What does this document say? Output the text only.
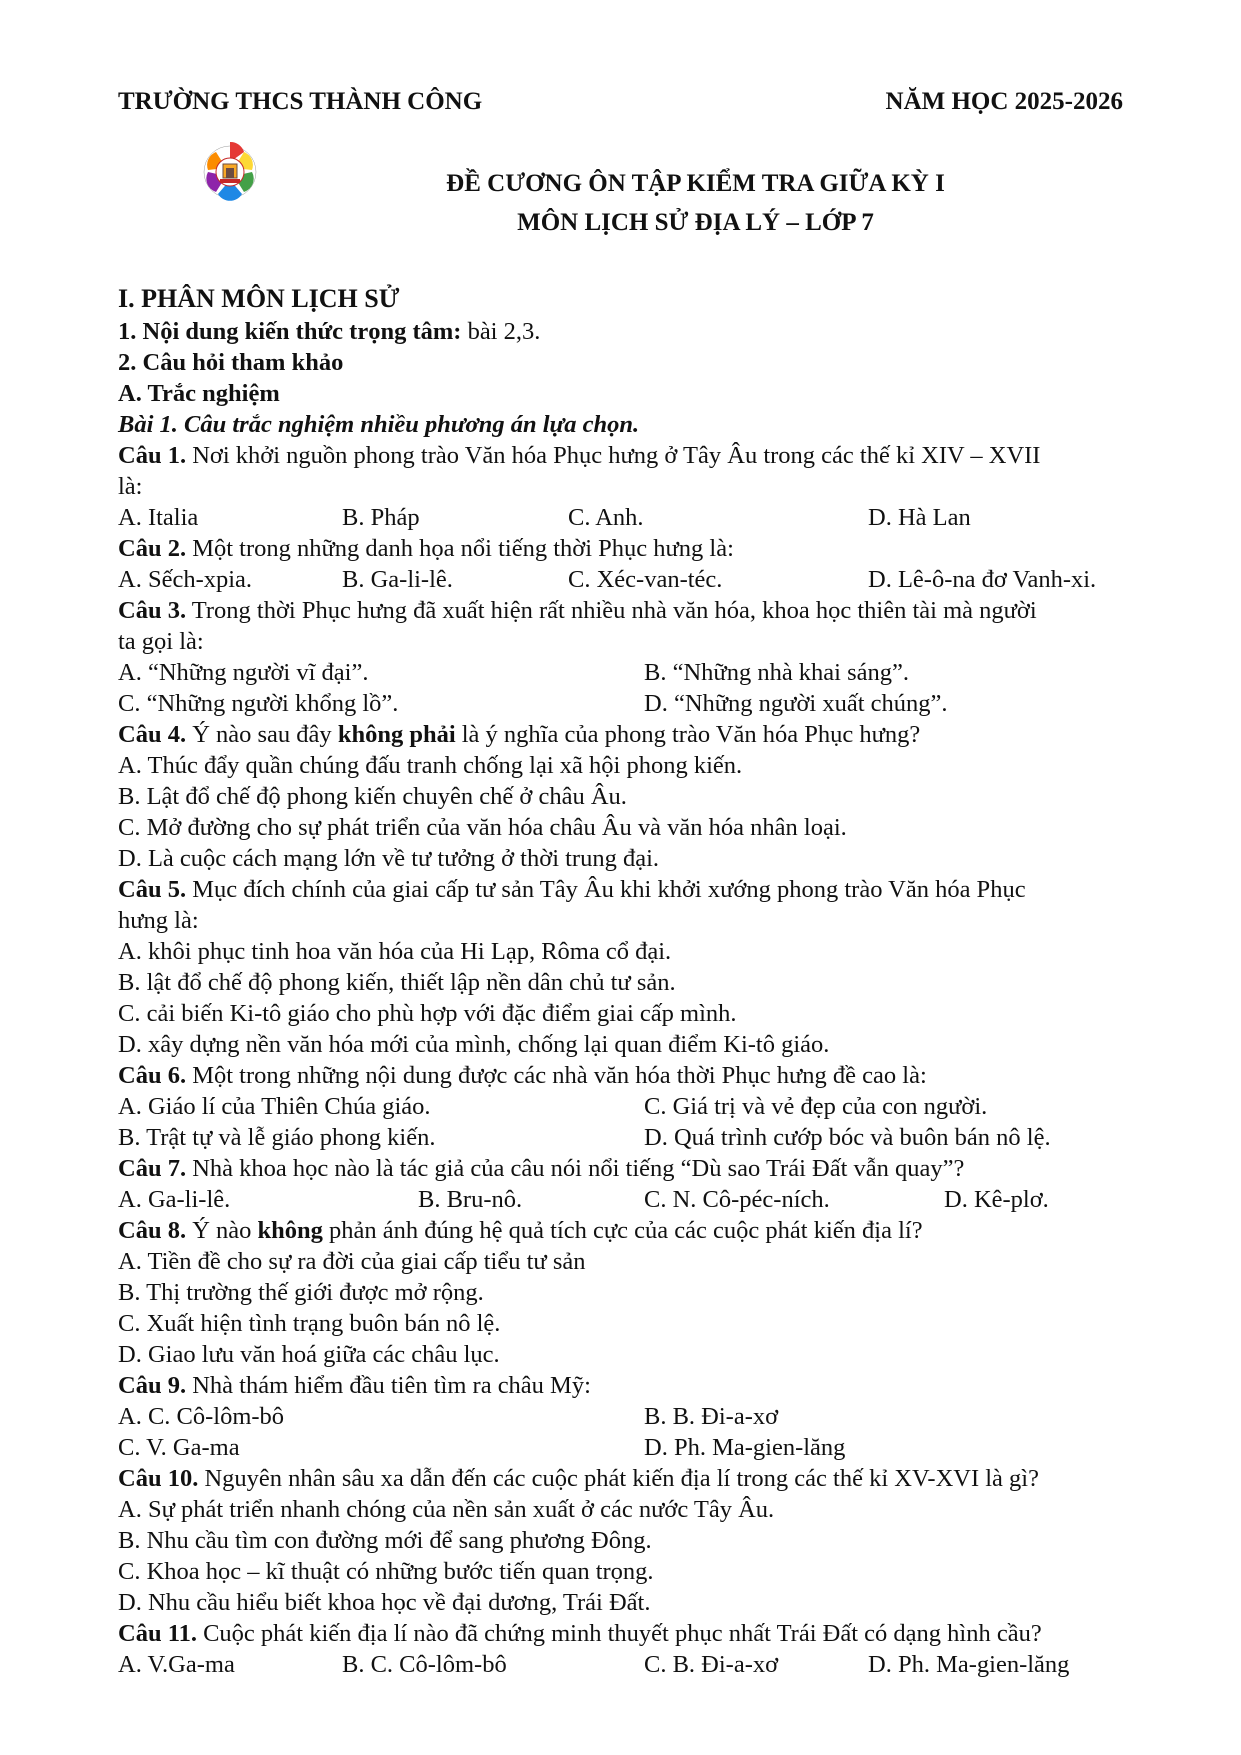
TRƯỜNG THCS THÀNH CÔNG	NĂM HỌC 2025-2026
ĐỀ CƯƠNG ÔN TẬP KIỂM TRA GIỮA KỲ I
MÔN LỊCH SỬ ĐỊA LÝ – LỚP 7
I. PHÂN MÔN LỊCH SỬ
1. Nội dung kiến thức trọng tâm: bài 2,3.
2. Câu hỏi tham khảo
A. Trắc nghiệm
Bài 1. Câu trắc nghiệm nhiều phương án lựa chọn.
Câu 1. Nơi khởi nguồn phong trào Văn hóa Phục hưng ở Tây Âu trong các thế kỉ XIV – XVII
là:
A. Italia	B. Pháp	C. Anh.	D. Hà Lan
Câu 2. Một trong những danh họa nổi tiếng thời Phục hưng là:
A. Sếch-xpia.	B. Ga-li-lê.	C. Xéc-van-téc.	D. Lê-ô-na đơ Vanh-xi.
Câu 3. Trong thời Phục hưng đã xuất hiện rất nhiều nhà văn hóa, khoa học thiên tài mà người
ta gọi là:
A. “Những người vĩ đại”.	B. “Những nhà khai sáng”.
C. “Những người khổng lồ”.	D. “Những người xuất chúng”.
Câu 4. Ý nào sau đây không phải là ý nghĩa của phong trào Văn hóa Phục hưng?
A. Thúc đẩy quần chúng đấu tranh chống lại xã hội phong kiến.
B. Lật đổ chế độ phong kiến chuyên chế ở châu Âu.
C. Mở đường cho sự phát triển của văn hóa châu Âu và văn hóa nhân loại.
D. Là cuộc cách mạng lớn về tư tưởng ở thời trung đại.
Câu 5. Mục đích chính của giai cấp tư sản Tây Âu khi khởi xướng phong trào Văn hóa Phục
hưng là:
A. khôi phục tinh hoa văn hóa của Hi Lạp, Rôma cổ đại.
B. lật đổ chế độ phong kiến, thiết lập nền dân chủ tư sản.
C. cải biến Ki-tô giáo cho phù hợp với đặc điểm giai cấp mình.
D. xây dựng nền văn hóa mới của mình, chống lại quan điểm Ki-tô giáo.
Câu 6. Một trong những nội dung được các nhà văn hóa thời Phục hưng đề cao là:
A. Giáo lí của Thiên Chúa giáo.	C. Giá trị và vẻ đẹp của con người.
B. Trật tự và lễ giáo phong kiến.	D. Quá trình cướp bóc và buôn bán nô lệ.
Câu 7. Nhà khoa học nào là tác giả của câu nói nổi tiếng “Dù sao Trái Đất vẫn quay”?
A. Ga-li-lê.	B. Bru-nô.	C. N. Cô-péc-ních.	D. Kê-plơ.
Câu 8. Ý nào không phản ánh đúng hệ quả tích cực của các cuộc phát kiến địa lí?
A. Tiền đề cho sự ra đời của giai cấp tiểu tư sản
B. Thị trường thế giới được mở rộng.
C. Xuất hiện tình trạng buôn bán nô lệ.
D. Giao lưu văn hoá giữa các châu lục.
Câu 9. Nhà thám hiểm đầu tiên tìm ra châu Mỹ:
A. C. Cô-lôm-bô	B. B. Đi-a-xơ
C. V. Ga-ma	D. Ph. Ma-gien-lăng
Câu 10. Nguyên nhân sâu xa dẫn đến các cuộc phát kiến địa lí trong các thế kỉ XV-XVI là gì?
A. Sự phát triển nhanh chóng của nền sản xuất ở các nước Tây Âu.
B. Nhu cầu tìm con đường mới để sang phương Đông.
C. Khoa học – kĩ thuật có những bước tiến quan trọng.
D. Nhu cầu hiểu biết khoa học về đại dương, Trái Đất.
Câu 11. Cuộc phát kiến địa lí nào đã chứng minh thuyết phục nhất Trái Đất có dạng hình cầu?
A. V.Ga-ma	B. C. Cô-lôm-bô	C. B. Đi-a-xơ	D. Ph. Ma-gien-lăng
